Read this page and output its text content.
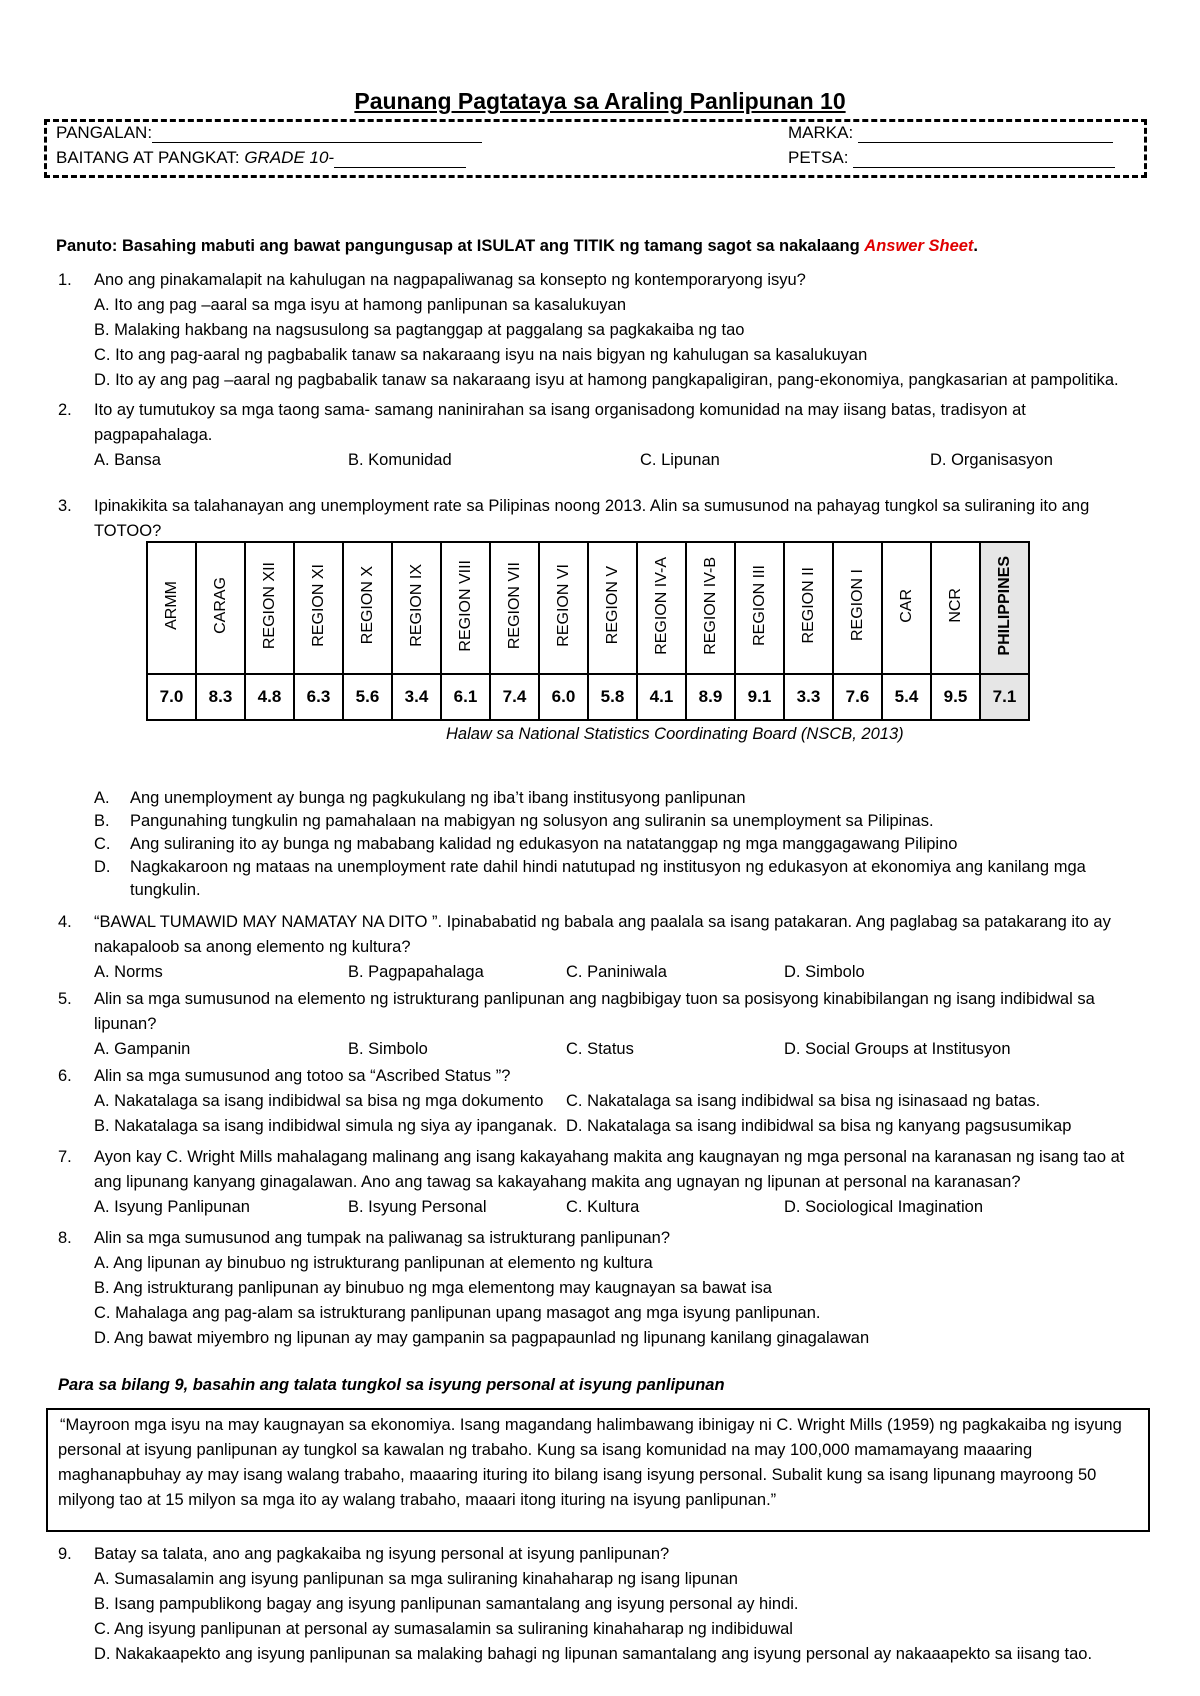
Paunang Pagtataya sa Araling Panlipunan 10
PANGALAN:
BAITANG AT PANGKAT: GRADE 10-
MARKA:
PETSA:
Panuto: Basahing mabuti ang bawat pangungusap at ISULAT ang TITIK ng tamang sagot sa nakalaang Answer Sheet.
1. Ano ang pinakamalapit na kahulugan na nagpapaliwanag sa konsepto ng kontemporaryong isyu?
A. Ito ang pag –aaral sa mga isyu at hamong panlipunan sa kasalukuyan
B. Malaking hakbang na nagsusulong sa pagtanggap at paggalang sa pagkakaiba ng tao
C. Ito ang pag-aaral ng pagbabalik tanaw sa nakaraang isyu na nais bigyan ng kahulugan sa kasalukuyan
D. Ito ay ang pag –aaral ng pagbabalik tanaw sa nakaraang isyu at hamong pangkapaligiran, pang-ekonomiya, pangkasarian at pampolitika.
2. Ito ay tumutukoy sa mga taong sama- samang naninirahan sa isang organisadong komunidad na may iisang batas, tradisyon at
pagpapahalaga.
A. Bansa	B. Komunidad	C. Lipunan	D. Organisasyon
3. Ipinakikita sa talahanayan ang unemployment rate sa Pilipinas noong 2013. Alin sa sumusunod na pahayag tungkol sa suliraning ito ang
TOTOO?
ARMM	CARAG	REGION XII	REGION XI	REGION X	REGION IX	REGION VIII	REGION VII	REGION VI	REGION V	REGION IV-A	REGION IV-B	REGION III	REGION II	REGION I	CAR	NCR	PHILIPPINES
7.0	8.3	4.8	6.3	5.6	3.4	6.1	7.4	6.0	5.8	4.1	8.9	9.1	3.3	7.6	5.4	9.5	7.1
Halaw sa National Statistics Coordinating Board (NSCB, 2013)
A. Ang unemployment ay bunga ng pagkukulang ng iba’t ibang institusyong panlipunan
B. Pangunahing tungkulin ng pamahalaan na mabigyan ng solusyon ang suliranin sa unemployment sa Pilipinas.
C. Ang suliraning ito ay bunga ng mababang kalidad ng edukasyon na natatanggap ng mga manggagawang Pilipino
D. Nagkakaroon ng mataas na unemployment rate dahil hindi natutupad ng institusyon ng edukasyon at ekonomiya ang kanilang mga
tungkulin.
4. “BAWAL TUMAWID MAY NAMATAY NA DITO ”. Ipinababatid ng babala ang paalala sa isang patakaran. Ang paglabag sa patakarang ito ay
nakapaloob sa anong elemento ng kultura?
A. Norms	B. Pagpapahalaga	C. Paniniwala	D. Simbolo
5. Alin sa mga sumusunod na elemento ng istrukturang panlipunan ang nagbibigay tuon sa posisyong kinabibilangan ng isang indibidwal sa
lipunan?
A. Gampanin	B. Simbolo	C. Status	D. Social Groups at Institusyon
6. Alin sa mga sumusunod ang totoo sa “Ascribed Status ”?
A. Nakatalaga sa isang indibidwal sa bisa ng mga dokumento C. Nakatalaga sa isang indibidwal sa bisa ng isinasaad ng batas.
B. Nakatalaga sa isang indibidwal simula ng siya ay ipanganak. D. Nakatalaga sa isang indibidwal sa bisa ng kanyang pagsusumikap
7. Ayon kay C. Wright Mills mahalagang malinang ang isang kakayahang makita ang kaugnayan ng mga personal na karanasan ng isang tao at
ang lipunang kanyang ginagalawan. Ano ang tawag sa kakayahang makita ang ugnayan ng lipunan at personal na karanasan?
A. Isyung Panlipunan	B. Isyung Personal	C. Kultura	D. Sociological Imagination
8. Alin sa mga sumusunod ang tumpak na paliwanag sa istrukturang panlipunan?
A. Ang lipunan ay binubuo ng istrukturang panlipunan at elemento ng kultura
B. Ang istrukturang panlipunan ay binubuo ng mga elementong may kaugnayan sa bawat isa
C. Mahalaga ang pag-alam sa istrukturang panlipunan upang masagot ang mga isyung panlipunan.
D. Ang bawat miyembro ng lipunan ay may gampanin sa pagpapaunlad ng lipunang kanilang ginagalawan
Para sa bilang 9, basahin ang talata tungkol sa isyung personal at isyung panlipunan
“Mayroon mga isyu na may kaugnayan sa ekonomiya. Isang magandang halimbawang ibinigay ni C. Wright Mills (1959) ng pagkakaiba ng isyung
personal at isyung panlipunan ay tungkol sa kawalan ng trabaho. Kung sa isang komunidad na may 100,000 mamamayang maaaring
maghanapbuhay ay may isang walang trabaho, maaaring ituring ito bilang isang isyung personal. Subalit kung sa isang lipunang mayroong 50
milyong tao at 15 milyon sa mga ito ay walang trabaho, maaari itong ituring na isyung panlipunan.”
9. Batay sa talata, ano ang pagkakaiba ng isyung personal at isyung panlipunan?
A. Sumasalamin ang isyung panlipunan sa mga suliraning kinahaharap ng isang lipunan
B. Isang pampublikong bagay ang isyung panlipunan samantalang ang isyung personal ay hindi.
C. Ang isyung panlipunan at personal ay sumasalamin sa suliraning kinahaharap ng indibiduwal
D. Nakakaapekto ang isyung panlipunan sa malaking bahagi ng lipunan samantalang ang isyung personal ay nakaaapekto sa iisang tao.
